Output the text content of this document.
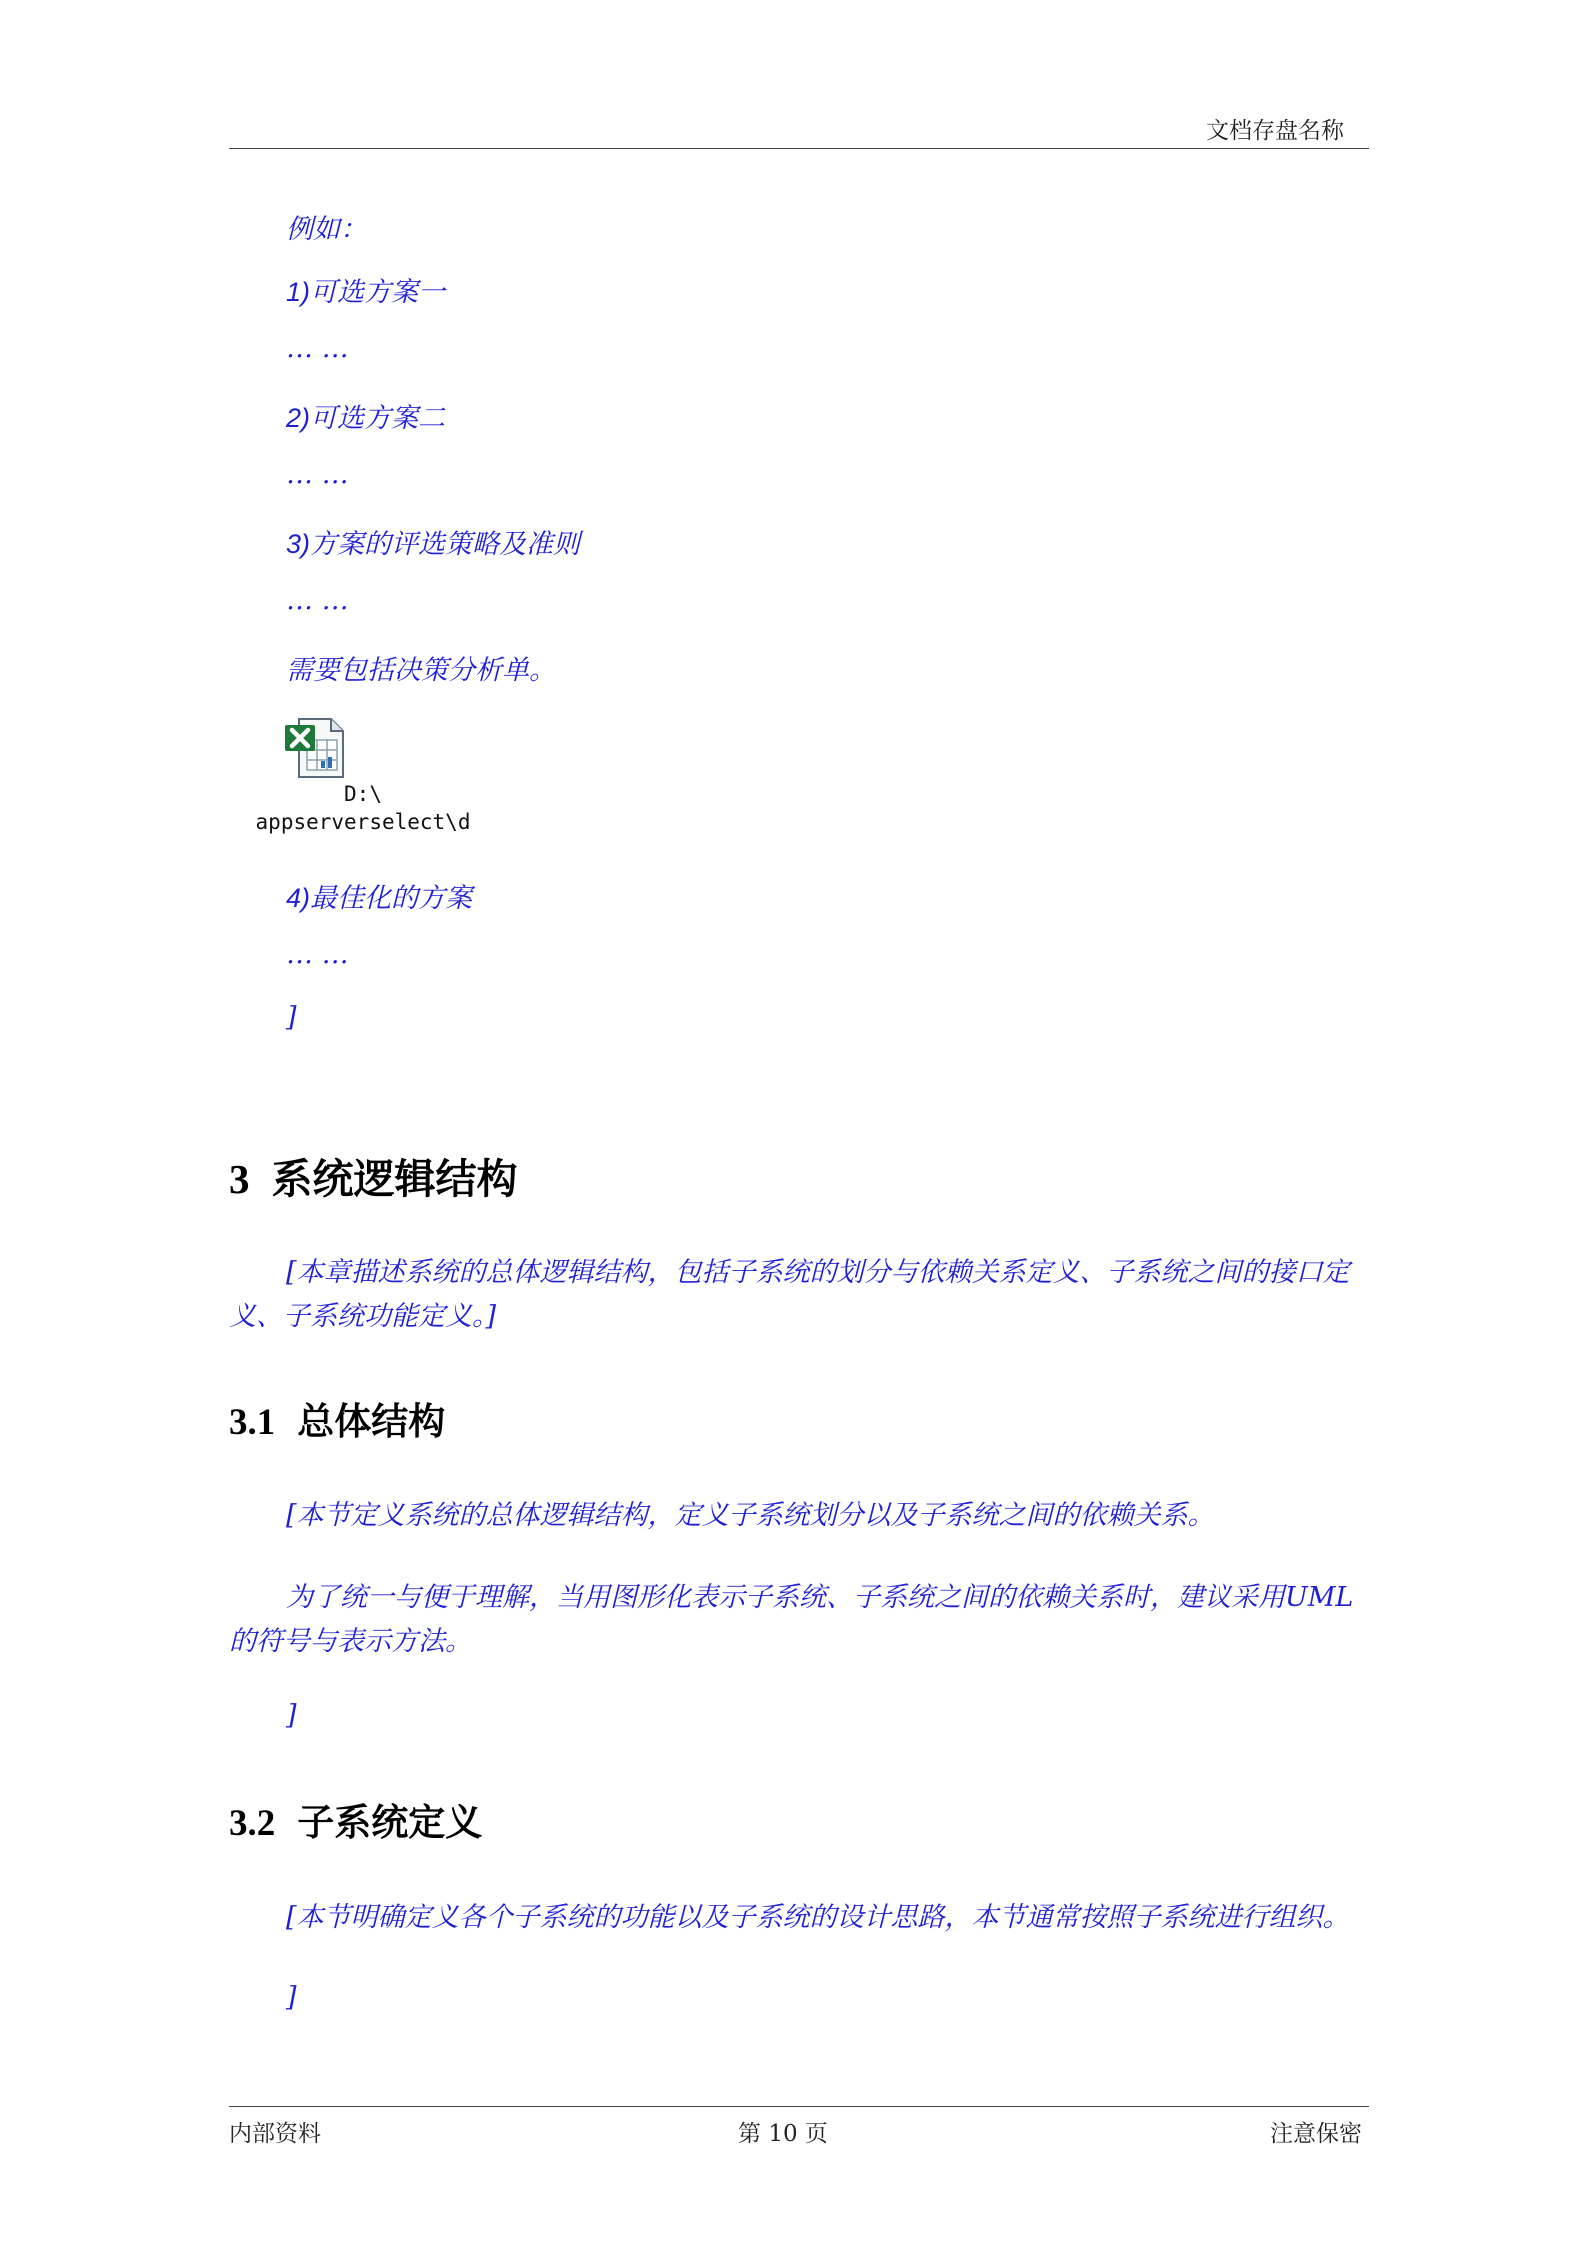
文档存盘名称
例如：
1)可选方案一
… …
2)可选方案二
… …
3)方案的评选策略及准则
… …
需要包括决策分析单。
D:\
appserverselect\d
4)最佳化的方案
… …
]
3 系统逻辑结构

[本章描述系统的总体逻辑结构，包括子系统的划分与依赖关系定义、子系统之间的接口定义、子系统功能定义。]

3.1 总体结构

[本节定义系统的总体逻辑结构，定义子系统划分以及子系统之间的依赖关系。

为了统一与便于理解，当用图形化表示子系统、子系统之间的依赖关系时，建议采用UML的符号与表示方法。

]
3.2 子系统定义

[本节明确定义各个子系统的功能以及子系统的设计思路，本节通常按照子系统进行组织。

]
内部资料	第 10 页	注意保密
